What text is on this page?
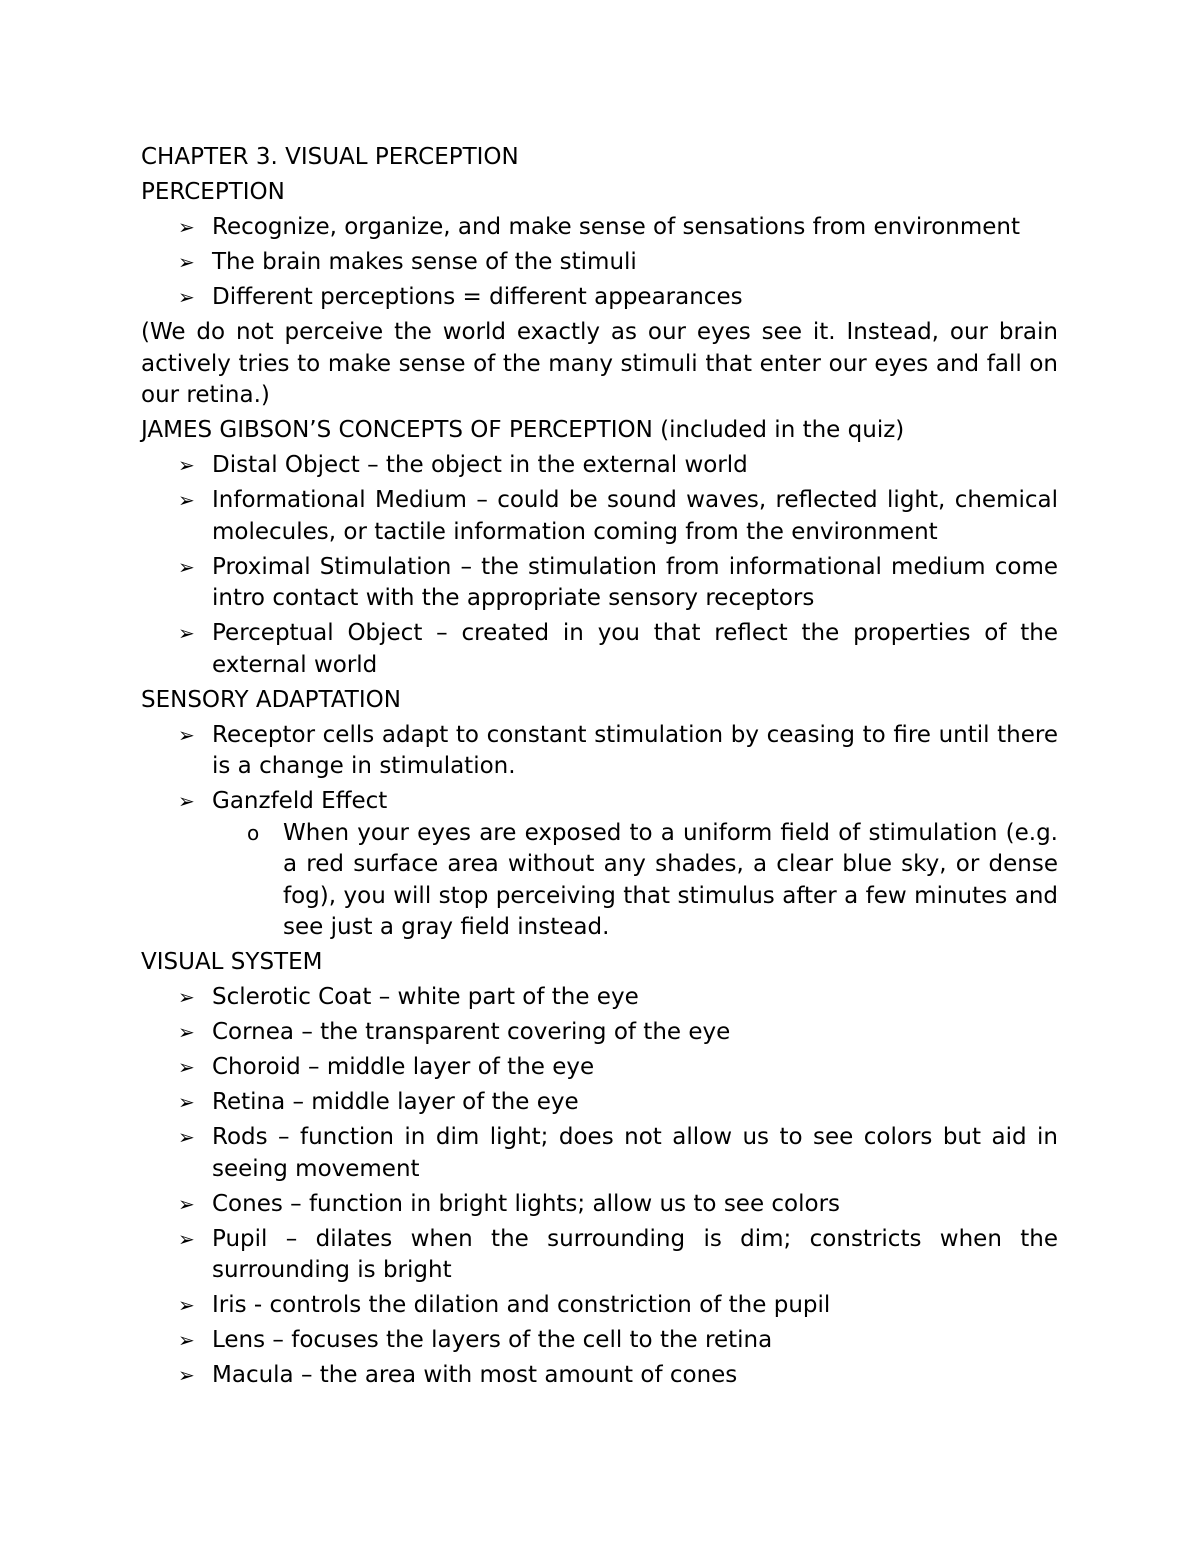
CHAPTER 3. VISUAL PERCEPTION
PERCEPTION
➢ Recognize, organize, and make sense of sensations from environment
➢ The brain makes sense of the stimuli
➢ Different perceptions = different appearances
(We do not perceive the world exactly as our eyes see it. Instead, our brain actively tries to make sense of the many stimuli that enter our eyes and fall on our retina.)
JAMES GIBSON’S CONCEPTS OF PERCEPTION (included in the quiz)
➢ Distal Object – the object in the external world
➢ Informational Medium – could be sound waves, reflected light, chemical molecules, or tactile information coming from the environment
➢ Proximal Stimulation – the stimulation from informational medium come intro contact with the appropriate sensory receptors
➢ Perceptual Object – created in you that reflect the properties of the external world
SENSORY ADAPTATION
➢ Receptor cells adapt to constant stimulation by ceasing to fire until there is a change in stimulation.
➢ Ganzfeld Effect
o When your eyes are exposed to a uniform field of stimulation (e.g. a red surface area without any shades, a clear blue sky, or dense fog), you will stop perceiving that stimulus after a few minutes and see just a gray field instead.
VISUAL SYSTEM
➢ Sclerotic Coat – white part of the eye
➢ Cornea – the transparent covering of the eye
➢ Choroid – middle layer of the eye
➢ Retina – middle layer of the eye
➢ Rods – function in dim light; does not allow us to see colors but aid in seeing movement
➢ Cones – function in bright lights; allow us to see colors
➢ Pupil – dilates when the surrounding is dim; constricts when the surrounding is bright
➢ Iris - controls the dilation and constriction of the pupil
➢ Lens – focuses the layers of the cell to the retina
➢ Macula – the area with most amount of cones
